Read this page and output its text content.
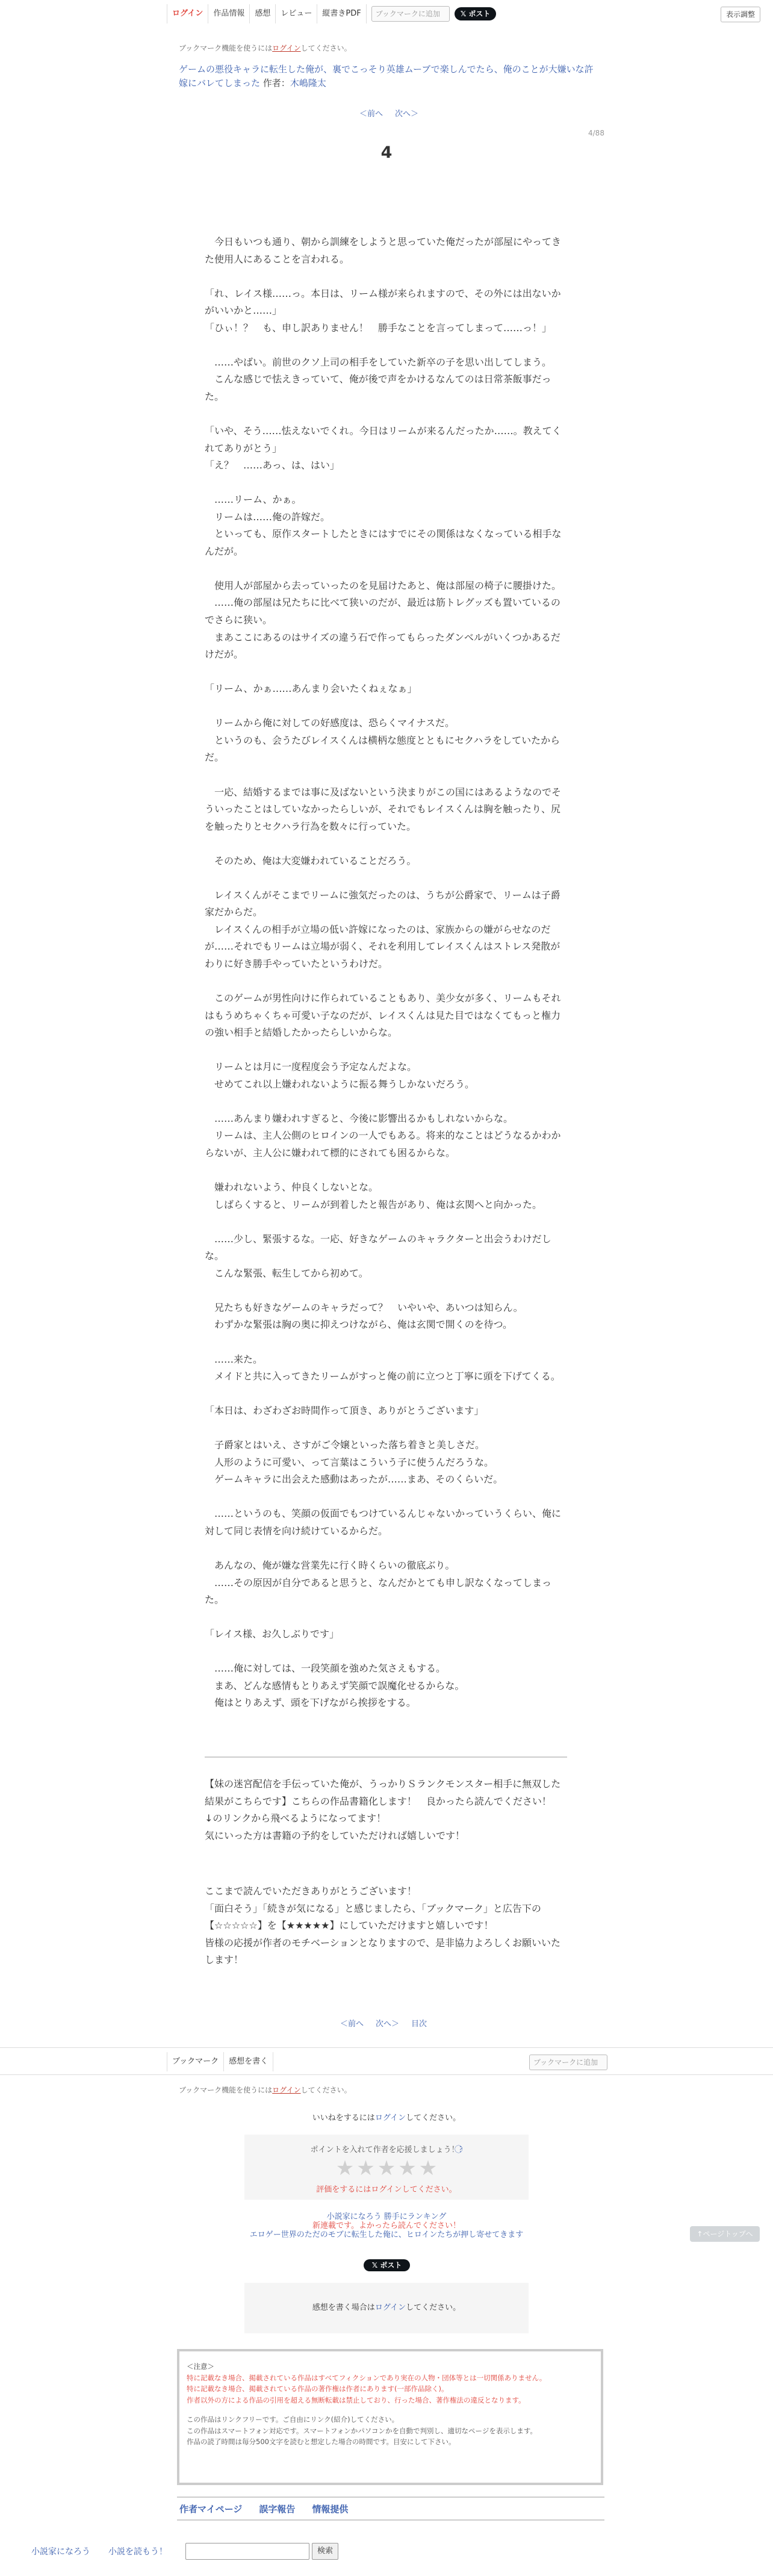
ログイン	作品情報	感想	レビュー	縦書きPDF	ブックマークに追加	𝕏 ポスト	表示調整
ブックマーク機能を使うにはログインしてください。
ゲームの悪役キャラに転生した俺が、裏でこっそり英雄ムーブで楽しんでたら、俺のことが大嫌いな許嫁にバレてしまった 作者：木嶋隆太
＜前へ 次へ＞
4/88
4

　今日もいつも通り、朝から訓練をしようと思っていた俺だったが部屋にやってきた使用人にあることを言われる。

「れ、レイス様……っ。本日は、リーム様が来られますので、その外には出ないか
がいいかと……」

「ひぃ！？　も、申し訳ありません！　勝手なことを言ってしまって……っ！」

　……やばい。前世のクソ上司の相手をしていた新卒の子を思い出してしまう。

　こんな感じで怯えきっていて、俺が後で声をかけるなんてのは日常茶飯事だった。

「いや、そう……怯えないでくれ。今日はリームが来るんだったか……。教えてくれてありがとう」

「え？　……あっ、は、はい」

　……リーム、かぁ。

　リームは……俺の許嫁だ。

　といっても、原作スタートしたときにはすでにその関係はなくなっている相手なんだが。

　使用人が部屋から去っていったのを見届けたあと、俺は部屋の椅子に腰掛けた。

　……俺の部屋は兄たちに比べて狭いのだが、最近は筋トレグッズも置いているのでさらに狭い。

　まあここにあるのはサイズの違う石で作ってもらったダンベルがいくつかあるだけだが。

「リーム、かぁ……あんまり会いたくねぇなぁ」

　リームから俺に対しての好感度は、恐らくマイナスだ。

　というのも、会うたびレイスくんは横柄な態度とともにセクハラをしていたからだ。

　一応、結婚するまでは事に及ばないという決まりがこの国にはあるようなのでそういったことはしていなかったらしいが、それでもレイスくんは胸を触ったり、尻を触ったりとセクハラ行為を数々に行っていた。

　そのため、俺は大変嫌われていることだろう。

　レイスくんがそこまでリームに強気だったのは、うちが公爵家で、リームは子爵家だからだ。

　レイスくんの相手が立場の低い許嫁になったのは、家族からの嫌がらせなのだが……それでもリームは立場が弱く、それを利用してレイスくんはストレス発散がわりに好き勝手やっていたというわけだ。

　このゲームが男性向けに作られていることもあり、美少女が多く、リームもそれはもうめちゃくちゃ可愛い子なのだが、レイスくんは見た目ではなくてもっと権力の強い相手と結婚したかったらしいからな。

　リームとは月に一度程度会う予定なんだよな。

　せめてこれ以上嫌われないように振る舞うしかないだろう。

　……あんまり嫌われすぎると、今後に影響出るかもしれないからな。

　リームは、主人公側のヒロインの一人でもある。将来的なことはどうなるかわからないが、主人公に嫌われて標的にされても困るからな。

　嫌われないよう、仲良くしないとな。

　しばらくすると、リームが到着したと報告があり、俺は玄関へと向かった。

　……少し、緊張するな。一応、好きなゲームのキャラクターと出会うわけだしな。

　こんな緊張、転生してから初めて。

　兄たちも好きなゲームのキャラだって？　いやいや、あいつは知らん。

　わずかな緊張は胸の奥に抑えつけながら、俺は玄関で開くのを待つ。

　……来た。

　メイドと共に入ってきたリームがすっと俺の前に立つと丁寧に頭を下げてくる。

「本日は、わざわざお時間作って頂き、ありがとうございます」

　子爵家とはいえ、さすがご令嬢といった落ち着きと美しさだ。

　人形のように可愛い、って言葉はこういう子に使うんだろうな。

　ゲームキャラに出会えた感動はあったが……まあ、そのくらいだ。

　……というのも、笑顔の仮面でもつけているんじゃないかっていうくらい、俺に対して同じ表情を向け続けているからだ。

　あんなの、俺が嫌な営業先に行く時くらいの徹底ぶり。

　……その原因が自分であると思うと、なんだかとても申し訳なくなってしまった。

「レイス様、お久しぶりです」

　……俺に対しては、一段笑顔を強めた気さえもする。

　まあ、どんな感情もとりあえず笑顔で誤魔化せるからな。

　俺はとりあえず、頭を下げながら挨拶をする。

【妹の迷宮配信を手伝っていた俺が、うっかりＳランクモンスター相手に無双した結果がこちらです】こちらの作品書籍化します！　良かったら読んでください！

↓のリンクから飛べるようになってます！

気にいった方は書籍の予約をしていただければ嬉しいです！

ここまで読んでいただきありがとうございます！

「面白そう」「続きが気になる」と感じましたら、「ブックマーク」と広告下の【☆☆☆☆☆】を【★★★★★】にしていただけますと嬉しいです！

皆様の応援が作者のモチベーションとなりますので、是非協力よろしくお願いいたします！

＜前へ 次へ＞ 目次
ブックマーク	感想を書く	ブックマークに追加
ブックマーク機能を使うにはログインしてください。
いいねをするにはログインしてください。
ポイントを入れて作者を応援しましょう！?⃝
★ ★ ★ ★ ★
評価をするにはログインしてください。
小説家になろう 勝手にランキング
新連載です。よかったら読んでください！
エロゲー世界のただのモブに転生した俺に、ヒロインたちが押し寄せてきます
𝕏 ポスト
↑ページトップへ
感想を書く場合はログインしてください。
＜注意＞
特に記載なき場合、掲載されている作品はすべてフィクションであり実在の人物・団体等とは一切関係ありません。
特に記載なき場合、掲載されている作品の著作権は作者にあります(一部作品除く)。
作者以外の方による作品の引用を超える無断転載は禁止しており、行った場合、著作権法の違反となります。
この作品はリンクフリーです。ご自由にリンク(紹介)してください。
この作品はスマートフォン対応です。スマートフォンかパソコンかを自動で判別し、適切なページを表示します。
作品の読了時間は毎分500文字を読むと想定した場合の時間です。目安にして下さい。
作者マイページ 誤字報告 情報提供
小説家になろう 小説を読もう！	検索
